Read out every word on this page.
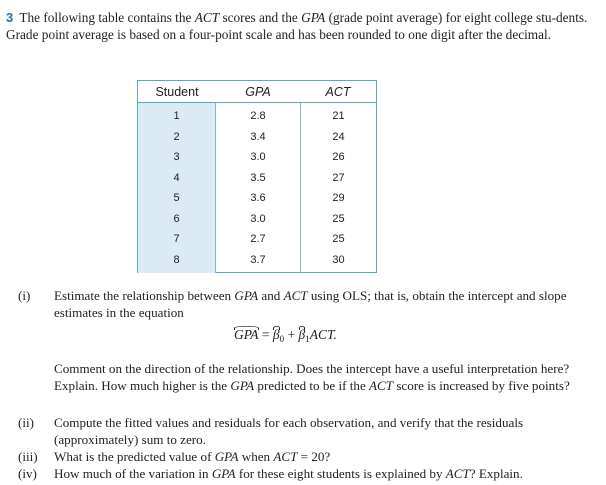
3 The following table contains the ACT scores and the GPA (grade point average) for eight college stu-dents. Grade point average is based on a four-point scale and has been rounded to one digit after the decimal.

Student	GPA	ACT
1
2
3
4
5
6
7
8
2.8
3.4
3.0
3.5
3.6
3.0
2.7
3.7
21
24
26
27
29
25
25
30
(i) Estimate the relationship between GPA and ACT using OLS; that is, obtain the intercept and slope estimates in the equation
GPA = $\beta_0 + \beta_1ACT$.
Comment on the direction of the relationship. Does the intercept have a useful interpretation here? Explain. How much higher is the GPA predicted to be if the ACT score is increased by five points?
(ii) Compute the fitted values and residuals for each observation, and verify that the residuals (approximately) sum to zero.
(iii) What is the predicted value of GPA when ACT = 20?
(iv) How much of the variation in GPA for these eight students is explained by ACT? Explain.
